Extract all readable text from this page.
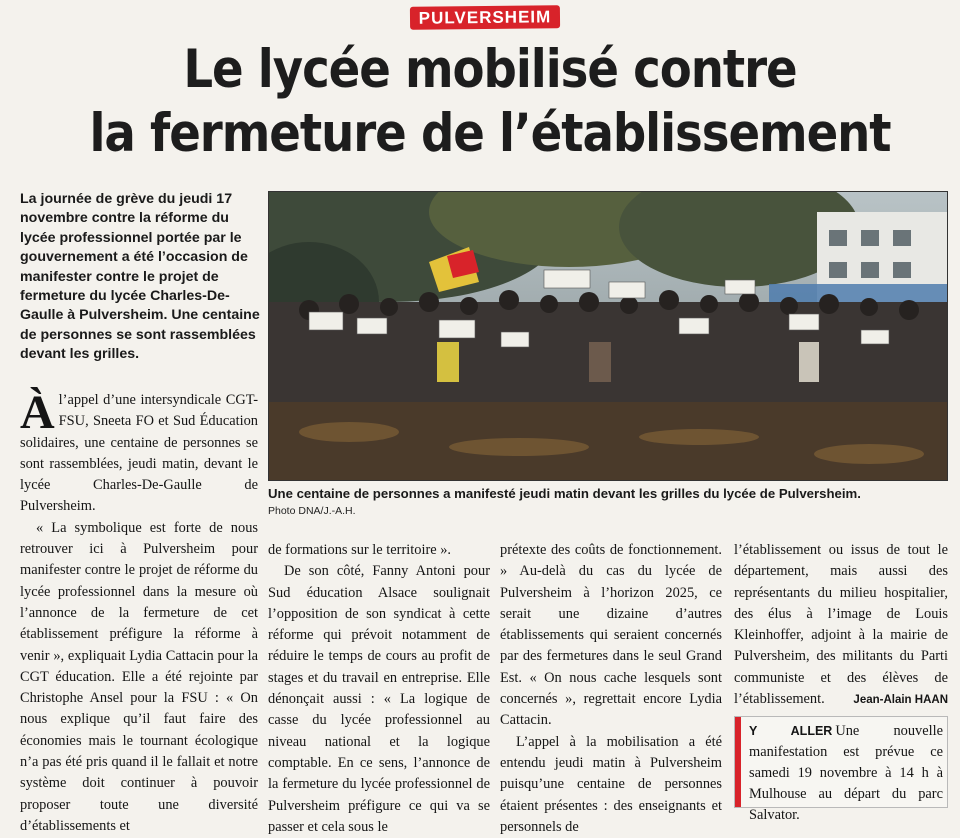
PULVERSHEIM
Le lycée mobilisé contre
la fermeture de l’établissement

La journée de grève du jeudi 17 novembre contre la réforme du lycée professionnel portée par le gouvernement a été l’occasion de manifester contre le projet de fermeture du lycée Charles-De-Gaulle à Pulversheim. Une centaine de personnes se sont rassemblées devant les grilles.

Une centaine de personnes a manifesté jeudi matin devant les grilles du lycée de Pulversheim.

Photo DNA/J.-A.H.

À l’appel d’une intersyndicale CGT-FSU, Sneeta FO et Sud Éducation solidaires, une centaine de personnes se sont rassemblées, jeudi matin, devant le lycée Charles-De-Gaulle de Pulversheim.

« La symbolique est forte de nous retrouver ici à Pulversheim pour manifester contre le projet de réforme du lycée professionnel dans la mesure où l’annonce de la fermeture de cet établissement préfigure la réforme à venir », expliquait Lydia Cattacin pour la CGT éducation. Elle a été rejointe par Christophe Ansel pour la FSU : « On nous explique qu’il faut faire des économies mais le tournant écologique n’a pas été pris quand il le fallait et notre système doit continuer à pouvoir proposer toute une diversité d’établissements et

de formations sur le territoire ».

De son côté, Fanny Antoni pour Sud éducation Alsace soulignait l’opposition de son syndicat à cette réforme qui prévoit notamment de réduire le temps de cours au profit de stages et du travail en entreprise. Elle dénonçait aussi : « La logique de casse du lycée professionnel au niveau national et la logique comptable. En ce sens, l’annonce de la fermeture du lycée professionnel de Pulversheim préfigure ce qui va se passer et cela sous le

prétexte des coûts de fonctionnement. » Au-delà du cas du lycée de Pulversheim à l’horizon 2025, ce serait une dizaine d’autres établissements qui seraient concernés par des fermetures dans le seul Grand Est. « On nous cache lesquels sont concernés », regrettait encore Lydia Cattacin.

L’appel à la mobilisation a été entendu jeudi matin à Pulversheim puisqu’une centaine de personnes étaient présentes : des enseignants et personnels de

l’établissement ou issus de tout le département, mais aussi des représentants du milieu hospitalier, des élus à l’image de Louis Kleinhoffer, adjoint à la mairie de Pulversheim, des militants du Parti communiste et des élèves de l’établissement.	Jean-Alain HAAN

Y ALLER Une nouvelle manifestation est prévue ce samedi 19 novembre à 14 h à Mulhouse au départ du parc Salvator.
